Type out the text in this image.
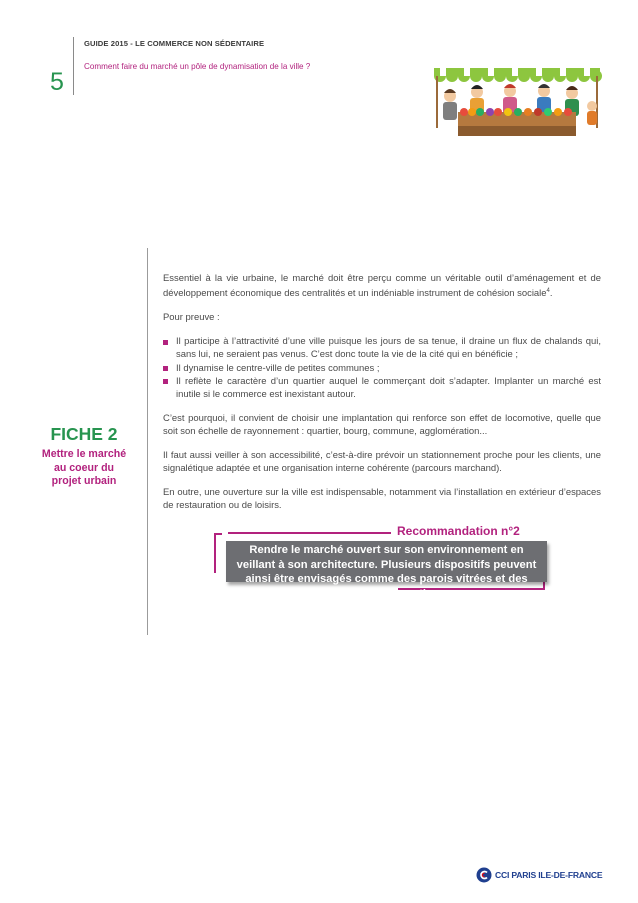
5
GUIDE 2015 - LE COMMERCE NON SÉDENTAIRE
Comment faire du marché un pôle de dynamisation de la ville ?
FICHE 2
Mettre le marché
au coeur du
projet urbain

Essentiel à la vie urbaine, le marché doit être perçu comme un véritable outil d’aménagement et de développement économique des centralités et un indéniable instrument de cohésion sociale$^4$.

Pour preuve :

Il participe à l’attractivité d’une ville puisque les jours de sa tenue, il draine un flux de chalands qui, sans lui, ne seraient pas venus. C’est donc toute la vie de la cité qui en bénéficie ;
Il dynamise le centre-ville de petites communes ;
Il reflète le caractère d’un quartier auquel le commerçant doit s’adapter. Implanter un marché est inutile si le commerce est inexistant autour.

C’est pourquoi, il convient de choisir une implantation qui renforce son effet de locomotive, quelle que soit son échelle de rayonnement : quartier, bourg, commune, agglomération...

Il faut aussi veiller à son accessibilité, c’est-à-dire prévoir un stationnement proche pour les clients, une signalétique adaptée et une organisation interne cohérente (parcours marchand).

En outre, une ouverture sur la ville est indispensable, notamment via l’installation en extérieur d’espaces de restauration ou de loisirs.

Recommandation n°2
Rendre le marché ouvert sur son environnement en veillant à son architecture. Plusieurs dispositifs peuvent ainsi être envisagés comme des parois vitrées et des lieux de restauration.
CCI PARIS ILE-DE-FRANCE
